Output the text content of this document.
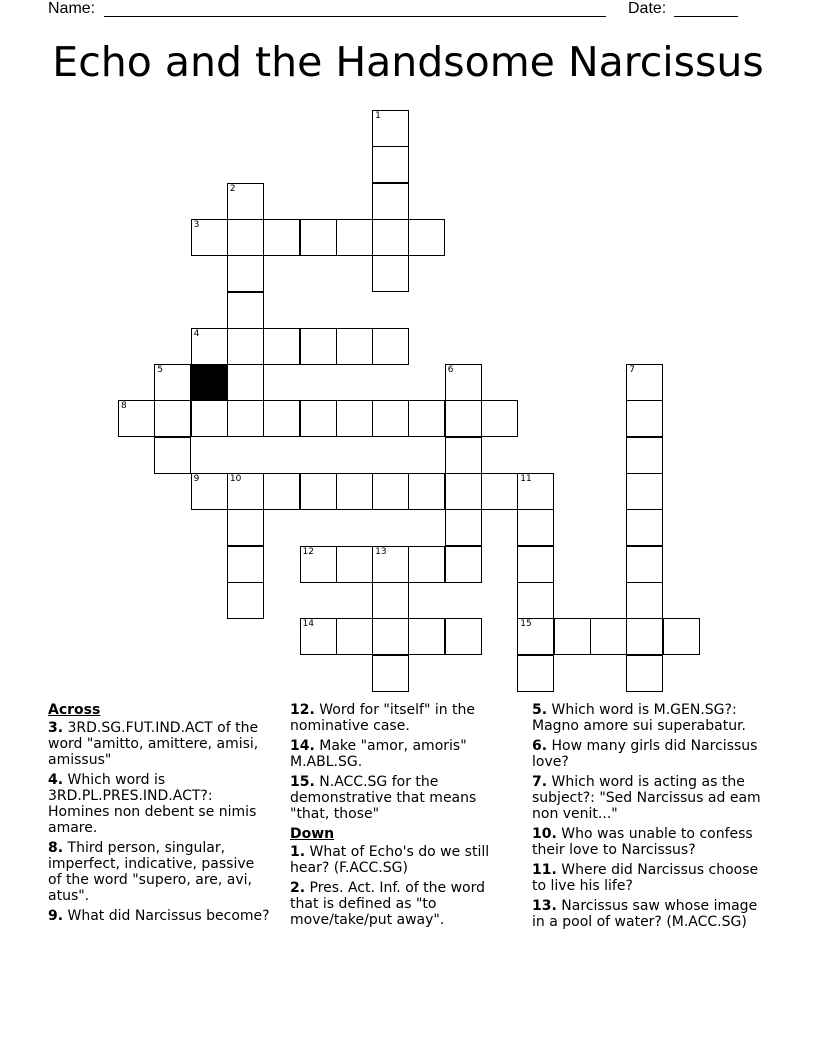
Name:	Date:
Echo and the Handsome Narcissus
1
2
3
4
5	6	7
8
9	10	11
12	13
14	15
Across
3. 3RD.SG.FUT.IND.ACT of the word "amitto, amittere, amisi, amissus"
4. Which word is 3RD.PL.PRES.IND.ACT?: Homines non debent se nimis amare.
8. Third person, singular, imperfect, indicative, passive of the word "supero, are, avi, atus".
9. What did Narcissus become?
12. Word for "itself" in the nominative case.
14. Make "amor, amoris" M.ABL.SG.
15. N.ACC.SG for the demonstrative that means "that, those"
Down
1. What of Echo's do we still hear? (F.ACC.SG)
2. Pres. Act. Inf. of the word that is defined as "to move/take/put away".
5. Which word is M.GEN.SG?: Magno amore sui superabatur.
6. How many girls did Narcissus love?
7. Which word is acting as the subject?: "Sed Narcissus ad eam non venit..."
10. Who was unable to confess their love to Narcissus?
11. Where did Narcissus choose to live his life?
13. Narcissus saw whose image in a pool of water? (M.ACC.SG)
